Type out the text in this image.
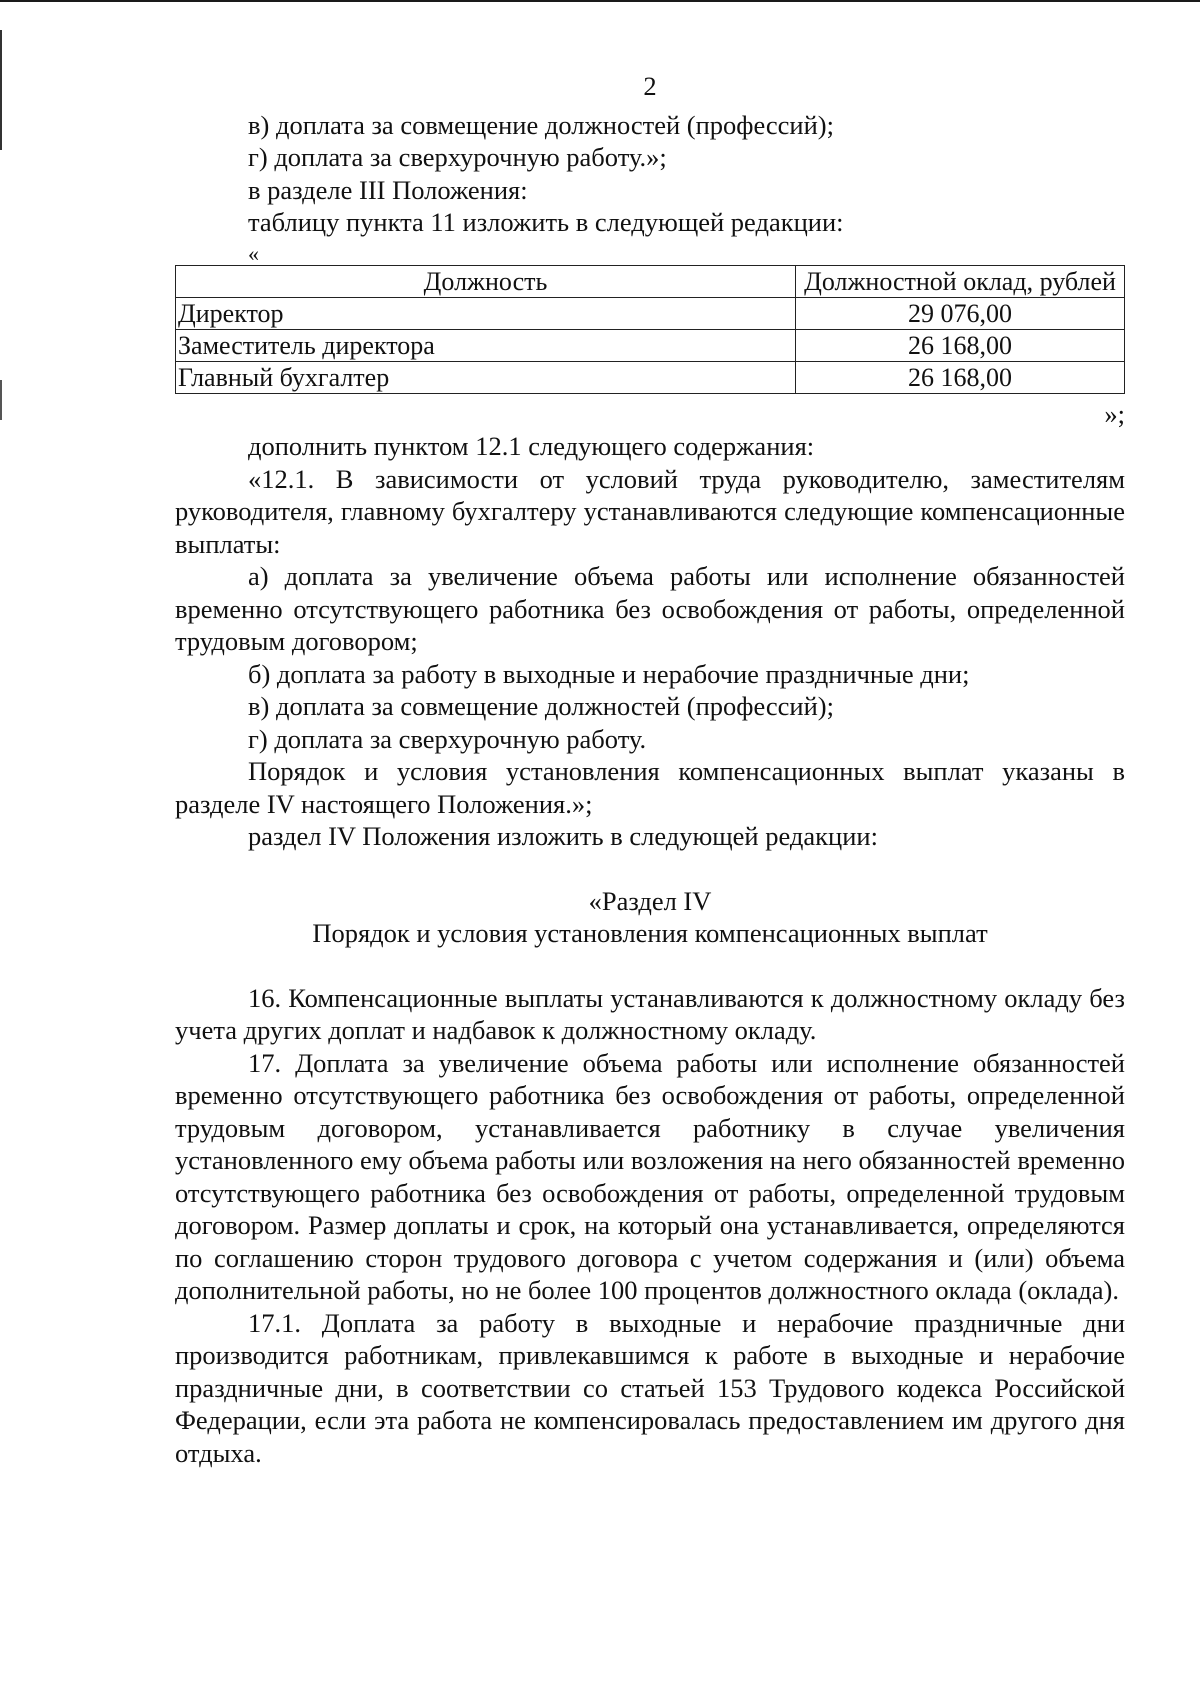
2

в) доплата за совмещение должностей (профессий);

г) доплата за сверхурочную работу.»;

в разделе III Положения:

таблицу пункта 11 изложить в следующей редакции:

«
Должность	Должностной оклад, рублей
Директор	29 076,00
Заместитель директора	26 168,00
Главный бухгалтер	26 168,00
»;

дополнить пунктом 12.1 следующего содержания:

«12.1. В зависимости от условий труда руководителю, заместителям руководителя, главному бухгалтеру устанавливаются следующие компенсационные выплаты:

а) доплата за увеличение объема работы или исполнение обязанностей временно отсутствующего работника без освобождения от работы, определенной трудовым договором;

б) доплата за работу в выходные и нерабочие праздничные дни;

в) доплата за совмещение должностей (профессий);

г) доплата за сверхурочную работу.

Порядок и условия установления компенсационных выплат указаны в разделе IV настоящего Положения.»;

раздел IV Положения изложить в следующей редакции:

«Раздел IV

Порядок и условия установления компенсационных выплат

16. Компенсационные выплаты устанавливаются к должностному окладу без учета других доплат и надбавок к должностному окладу.

17. Доплата за увеличение объема работы или исполнение обязанностей временно отсутствующего работника без освобождения от работы, определенной трудовым договором, устанавливается работнику в случае увеличения установленного ему объема работы или возложения на него обязанностей временно отсутствующего работника без освобождения от работы, определенной трудовым договором. Размер доплаты и срок, на который она устанавливается, определяются по соглашению сторон трудового договора с учетом содержания и (или) объема дополнительной работы, но не более 100 процентов должностного оклада (оклада).

17.1. Доплата за работу в выходные и нерабочие праздничные дни производится работникам, привлекавшимся к работе в выходные и нерабочие праздничные дни, в соответствии со статьей 153 Трудового кодекса Российской Федерации, если эта работа не компенсировалась предоставлением им другого дня отдыха.
